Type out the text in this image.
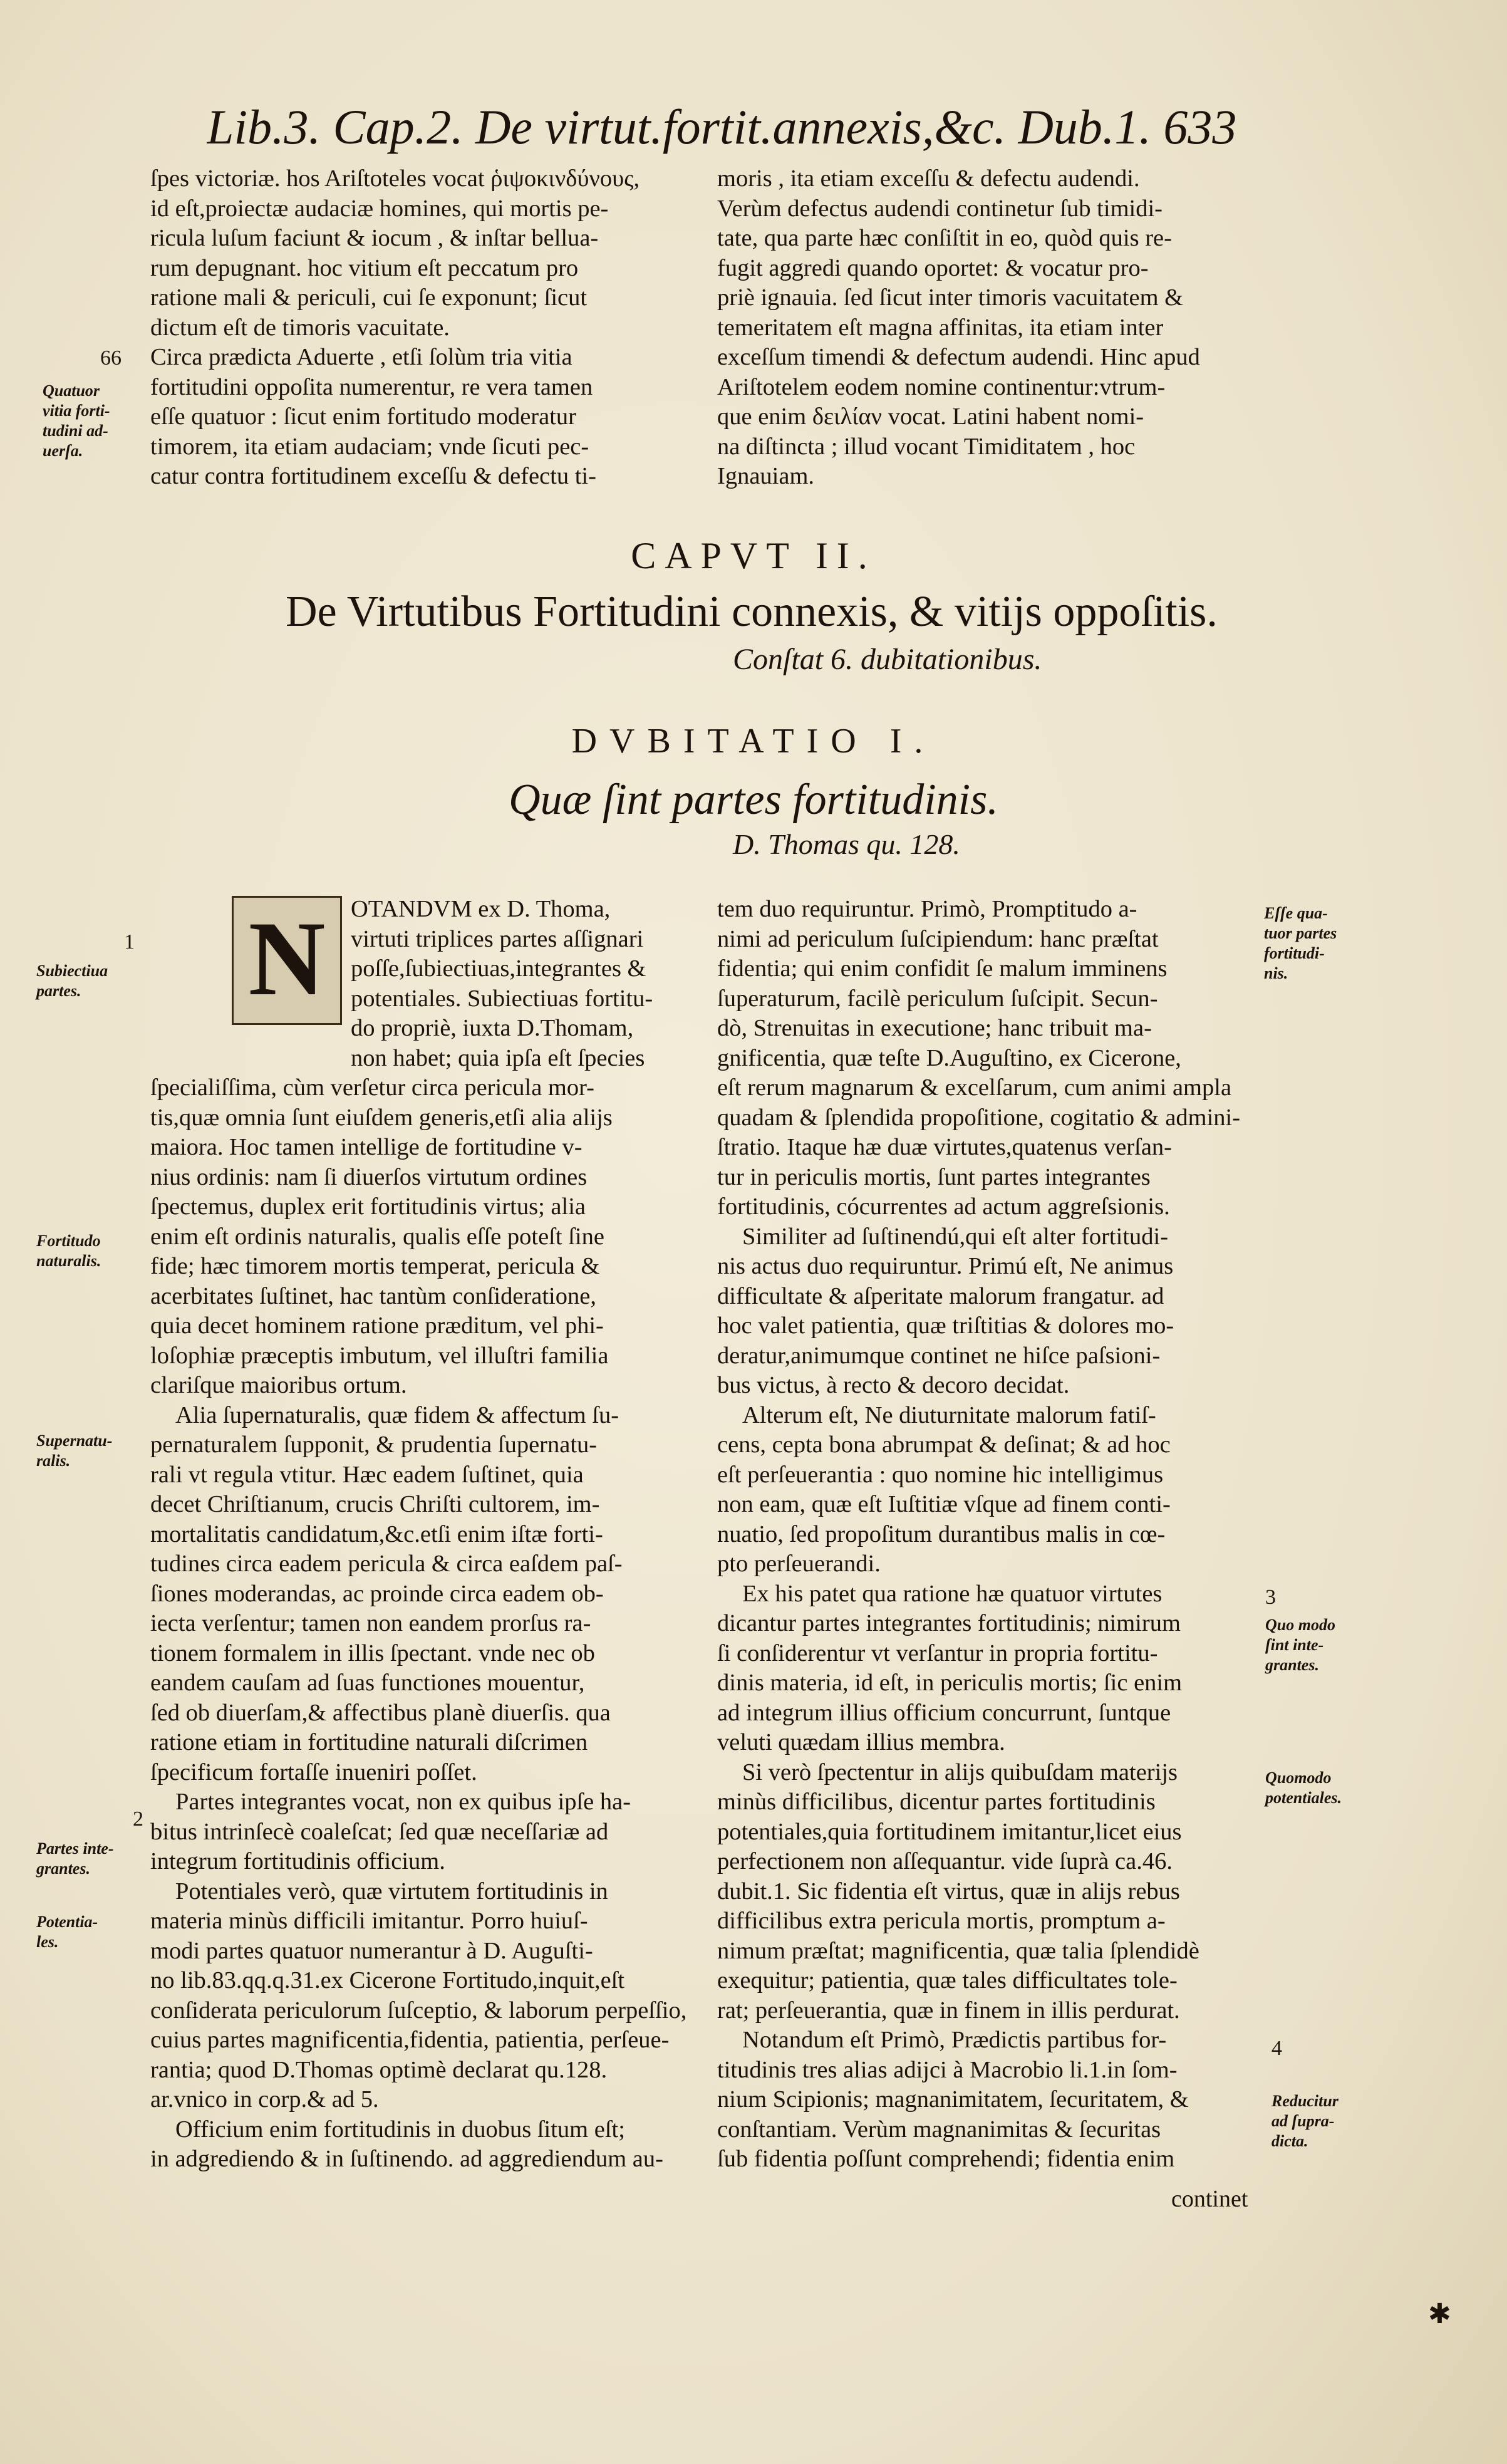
Lib.3. Cap.2. De virtut.fortit.annexis,&c. Dub.1. 633
ſpes victoriæ. hos Ariſtoteles vocat ῥιψοκινδύνους,
id eſt,proiectæ audaciæ homines, qui mortis pe-
ricula luſum faciunt & iocum , & inſtar bellua-
rum depugnant. hoc vitium eſt peccatum pro
ratione mali & periculi, cui ſe exponunt; ſicut
dictum eſt de timoris vacuitate.
Circa prædicta Aduerte , etſi ſolùm tria vitia
fortitudini oppoſita numerentur, re vera tamen
eſſe quatuor : ſicut enim fortitudo moderatur
timorem, ita etiam audaciam; vnde ſicuti pec-
catur contra fortitudinem exceſſu & defectu ti-
moris , ita etiam exceſſu & defectu audendi.
Verùm defectus audendi continetur ſub timidi-
tate, qua parte hæc conſiſtit in eo, quòd quis re-
fugit aggredi quando oportet: & vocatur pro-
priè ignauia. ſed ſicut inter timoris vacuitatem &
temeritatem eſt magna affinitas, ita etiam inter
exceſſum timendi & defectum audendi. Hinc apud
Ariſtotelem eodem nomine continentur:vtrum-
que enim δειλίαν vocat. Latini habent nomi-
na diſtincta ; illud vocant Timiditatem , hoc
Ignauiam.
66
Quatuor
vitia forti-
tudini ad-
uerſa.
CAPVT II.
De Virtutibus Fortitudini connexis, & vitijs oppoſitis.
Conſtat 6. dubitationibus.
DVBITATIO I.
Quæ ſint partes fortitudinis.
D. Thomas qu. 128.
N	OTANDVM ex D. Thoma,
virtuti triplices partes aſſignari
poſſe,ſubiectiuas,integrantes &
potentiales. Subiectiuas fortitu-
do propriè, iuxta D.Thomam,
non habet; quia ipſa eſt ſpecies
ſpecialiſſima, cùm verſetur circa pericula mor-
tis,quæ omnia ſunt eiuſdem generis,etſi alia alijs
maiora. Hoc tamen intellige de fortitudine v-
nius ordinis: nam ſi diuerſos virtutum ordines
ſpectemus, duplex erit fortitudinis virtus; alia
enim eſt ordinis naturalis, qualis eſſe poteſt ſine
fide; hæc timorem mortis temperat, pericula &
acerbitates ſuſtinet, hac tantùm conſideratione,
quia decet hominem ratione præditum, vel phi-
loſophiæ præceptis imbutum, vel illuſtri familia
clariſque maioribus ortum.
Alia ſupernaturalis, quæ fidem & affectum ſu-
pernaturalem ſupponit, & prudentia ſupernatu-
rali vt regula vtitur. Hæc eadem ſuſtinet, quia
decet Chriſtianum, crucis Chriſti cultorem, im-
mortalitatis candidatum,&c.etſi enim iſtæ forti-
tudines circa eadem pericula & circa eaſdem paſ-
ſiones moderandas, ac proinde circa eadem ob-
iecta verſentur; tamen non eandem prorſus ra-
tionem formalem in illis ſpectant. vnde nec ob
eandem cauſam ad ſuas functiones mouentur,
ſed ob diuerſam,& affectibus planè diuerſis. qua
ratione etiam in fortitudine naturali diſcrimen
ſpecificum fortaſſe inueniri poſſet.
Partes integrantes vocat, non ex quibus ipſe ha-
bitus intrinſecè coaleſcat; ſed quæ neceſſariæ ad
integrum fortitudinis officium.
Potentiales verò, quæ virtutem fortitudinis in
materia minùs difficili imitantur. Porro huiuſ-
modi partes quatuor numerantur à D. Auguſti-
no lib.83.qq.q.31.ex Cicerone Fortitudo,inquit,eſt
conſiderata periculorum ſuſceptio, & laborum perpeſſio,
cuius partes magnificentia,fidentia, patientia, perſeue-
rantia; quod D.Thomas optimè declarat qu.128.
ar.vnico in corp.& ad 5.
Officium enim fortitudinis in duobus ſitum eſt;
in adgrediendo & in ſuſtinendo. ad aggrediendum au-
tem duo requiruntur. Primò, Promptitudo a-
nimi ad periculum ſuſcipiendum: hanc præſtat
fidentia; qui enim confidit ſe malum imminens
ſuperaturum, facilè periculum ſuſcipit. Secun-
dò, Strenuitas in executione; hanc tribuit ma-
gnificentia, quæ teſte D.Auguſtino, ex Cicerone,
eſt rerum magnarum & excelſarum, cum animi ampla
quadam & ſplendida propoſitione, cogitatio & admini-
ſtratio. Itaque hæ duæ virtutes,quatenus verſan-
tur in periculis mortis, ſunt partes integrantes
fortitudinis, cócurrentes ad actum aggreſsionis.
Similiter ad ſuſtinendú,qui eſt alter fortitudi-
nis actus duo requiruntur. Primú eſt, Ne animus
difficultate & aſperitate malorum frangatur. ad
hoc valet patientia, quæ triſtitias & dolores mo-
deratur,animumque continet ne hiſce paſsioni-
bus victus, à recto & decoro decidat.
Alterum eſt, Ne diuturnitate malorum fatiſ-
cens, cepta bona abrumpat & deſinat; & ad hoc
eſt perſeuerantia : quo nomine hic intelligimus
non eam, quæ eſt Iuſtitiæ vſque ad finem conti-
nuatio, ſed propoſitum durantibus malis in cœ-
pto perſeuerandi.
Ex his patet qua ratione hæ quatuor virtutes
dicantur partes integrantes fortitudinis; nimirum
ſi conſiderentur vt verſantur in propria fortitu-
dinis materia, id eſt, in periculis mortis; ſic enim
ad integrum illius officium concurrunt, ſuntque
veluti quædam illius membra.
Si verò ſpectentur in alijs quibuſdam materijs
minùs difficilibus, dicentur partes fortitudinis
potentiales,quia fortitudinem imitantur,licet eius
perfectionem non aſſequantur. vide ſuprà ca.46.
dubit.1. Sic fidentia eſt virtus, quæ in alijs rebus
difficilibus extra pericula mortis, promptum a-
nimum præſtat; magnificentia, quæ talia ſplendidè
exequitur; patientia, quæ tales difficultates tole-
rat; perſeuerantia, quæ in finem in illis perdurat.
Notandum eſt Primò, Prædictis partibus for-
titudinis tres alias adijci à Macrobio li.1.in ſom-
nium Scipionis; magnanimitatem, ſecuritatem, &
conſtantiam. Verùm magnanimitas & ſecuritas
ſub fidentia poſſunt comprehendi; fidentia enim
1
Subiectiua
partes.
Fortitudo
naturalis.
Supernatu-
ralis.
2
Partes inte-
grantes.
Potentia-
les.
Eſſe qua-
tuor partes
fortitudi-
nis.
3
Quo modo
ſint inte-
grantes.
Quomodo
potentiales.
4
Reducitur
ad ſupra-
dicta.
continet
✱
